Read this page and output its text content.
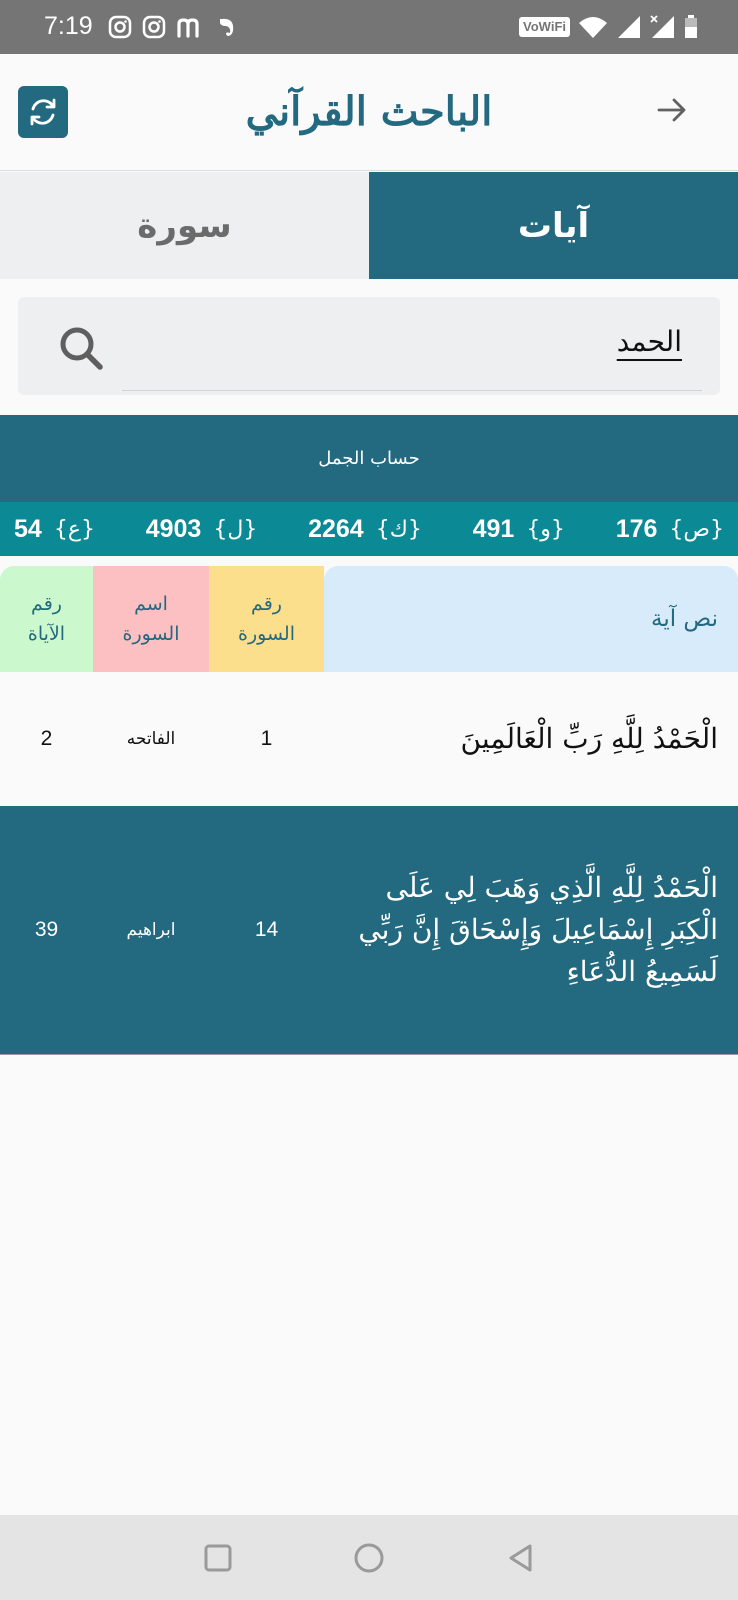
7:19	VoWiFi
الباحث القرآني
سورة	آيات
الحمد
حساب الجمل
{ص}
176
{و}
491
{ك}
2264
{ل}
4903
{ع}
54
نص آية
رقم
السورة
اسم
السورة
رقم
الآياة
الْحَمْدُ لِلَّهِ رَبِّ الْعَالَمِينَ
1
الفاتحه
2
الْحَمْدُ لِلَّهِ الَّذِي وَهَبَ لِي عَلَى الْكِبَرِ إِسْمَاعِيلَ وَإِسْحَاقَ إِنَّ رَبِّي لَسَمِيعُ الدُّعَاءِ
14
ابراهيم
39
